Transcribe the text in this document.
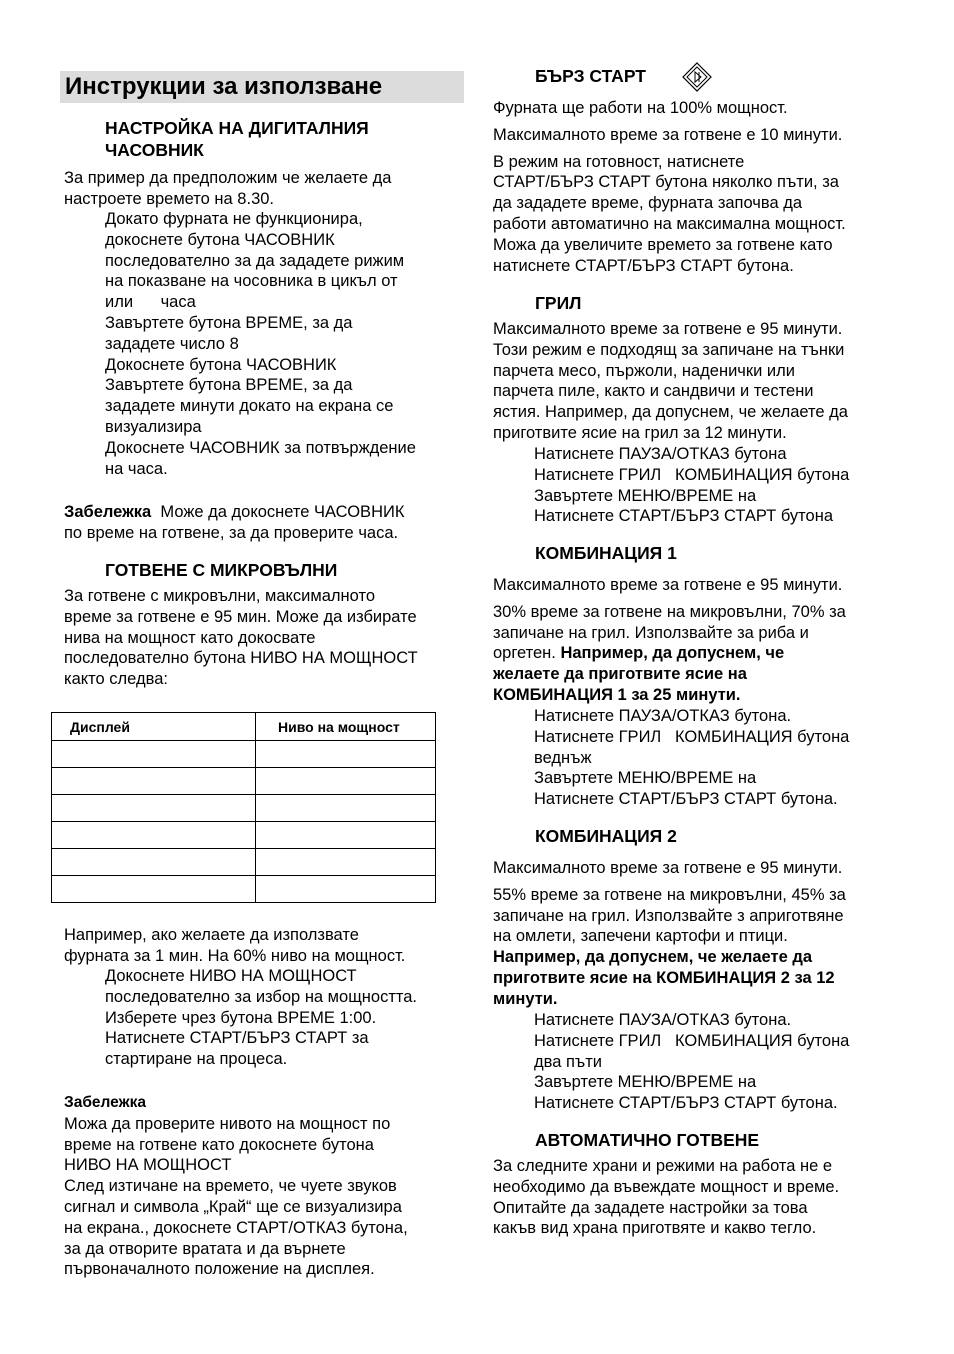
Инструкции за използване
НАСТРОЙКА НА ДИГИТАЛНИЯ
ЧАСОВНИК

За пример да предположим че желаете да

настроете времето на 8.30.

Докато фурната не функционира,

докоснете бутона ЧАСОВНИК

последователно за да зададете рижим

на показване на чосовника в цикъл от

или      часа

Завъртете бутона ВРЕМЕ, за да

зададете число 8

Докоснете бутона ЧАСОВНИК

Завъртете бутона ВРЕМЕ, за да

зададете минути докато на екрана се

визуализира

Докоснете ЧАСОВНИК за потвърждение

на часа.

Забележка  Може да докоснете ЧАСОВНИК

по време на готвене, за да проверите часа.

ГОТВЕНЕ С МИКРОВЪЛНИ

За готвене с микровълни, максималното

време за готвене е 95 мин. Може да избирате

нива на мощност като докосвате

последователно бутона НИВО НА МОЩНОСТ

както следва:

Дисплей	Ниво на мощност

Например, ако желаете да използвате

фурната за 1 мин. На 60% ниво на мощност.

Докоснете НИВО НА МОЩНОСТ

последователно за избор на мощността.

Изберете чрез бутона ВРЕМЕ 1:00.

Натиснете СТАРТ/БЪРЗ СТАРТ за

стартиране на процеса.

Забележка

Можа да проверите нивото на мощност по

време на готвене като докоснете бутона

НИВО НА МОЩНОСТ

След изтичане на времето, че чуете звуков

сигнал и символа „Край“ ще се визуализира

на екрана., докоснете СТАРТ/ОТКАЗ бутона,

за да отворите вратата и да върнете

първоначалното положение на дисплея.

БЪРЗ СТАРТ

Фурната ще работи на 100% мощност.

Максималното време за готвене е 10 минути.

В режим на готовност, натиснете

СТАРТ/БЪРЗ СТАРТ бутона няколко пъти, за

да зададете време, фурната започва да

работи автоматично на максимална мощност.

Можа да увеличите времето за готвене като

натиснете СТАРТ/БЪРЗ СТАРТ бутона.

ГРИЛ

Максималното време за готвене е 95 минути.

Този режим е подходящ за запичане на тънки

парчета месо, пържоли, наденички или

парчета пиле, както и сандвичи и тестени

ястия. Например, да допуснем, че желаете да

приготвите ясие на грил за 12 минути.

Натиснете ПАУЗА/ОТКАЗ бутона

Натиснете ГРИЛ   КОМБИНАЦИЯ бутона

Завъртете МЕНЮ/ВРЕМЕ на

Натиснете СТАРТ/БЪРЗ СТАРТ бутона

КОМБИНАЦИЯ 1

Максималното време за готвене е 95 минути.

30% време за готвене на микровълни, 70% за

запичане на грил. Използвайте за риба и

оргетен. Например, да допуснем, че

желаете да приготвите ясие на

КОМБИНАЦИЯ 1 за 25 минути.

Натиснете ПАУЗА/ОТКАЗ бутона.

Натиснете ГРИЛ   КОМБИНАЦИЯ бутона

веднъж

Завъртете МЕНЮ/ВРЕМЕ на

Натиснете СТАРТ/БЪРЗ СТАРТ бутона.

КОМБИНАЦИЯ 2

Максималното време за готвене е 95 минути.

55% време за готвене на микровълни, 45% за

запичане на грил. Използвайте з априготвяне

на омлети, запечени картофи и птици.

Например, да допуснем, че желаете да

приготвите ясие на КОМБИНАЦИЯ 2 за 12

минути.

Натиснете ПАУЗА/ОТКАЗ бутона.

Натиснете ГРИЛ   КОМБИНАЦИЯ бутона

два пъти

Завъртете МЕНЮ/ВРЕМЕ на

Натиснете СТАРТ/БЪРЗ СТАРТ бутона.

АВТОМАТИЧНО ГОТВЕНЕ

За следните храни и режими на работа не е

необходимо да въвеждате мощност и време.

Опитайте да зададете настройки за това

какъв вид храна приготвяте и какво тегло.
